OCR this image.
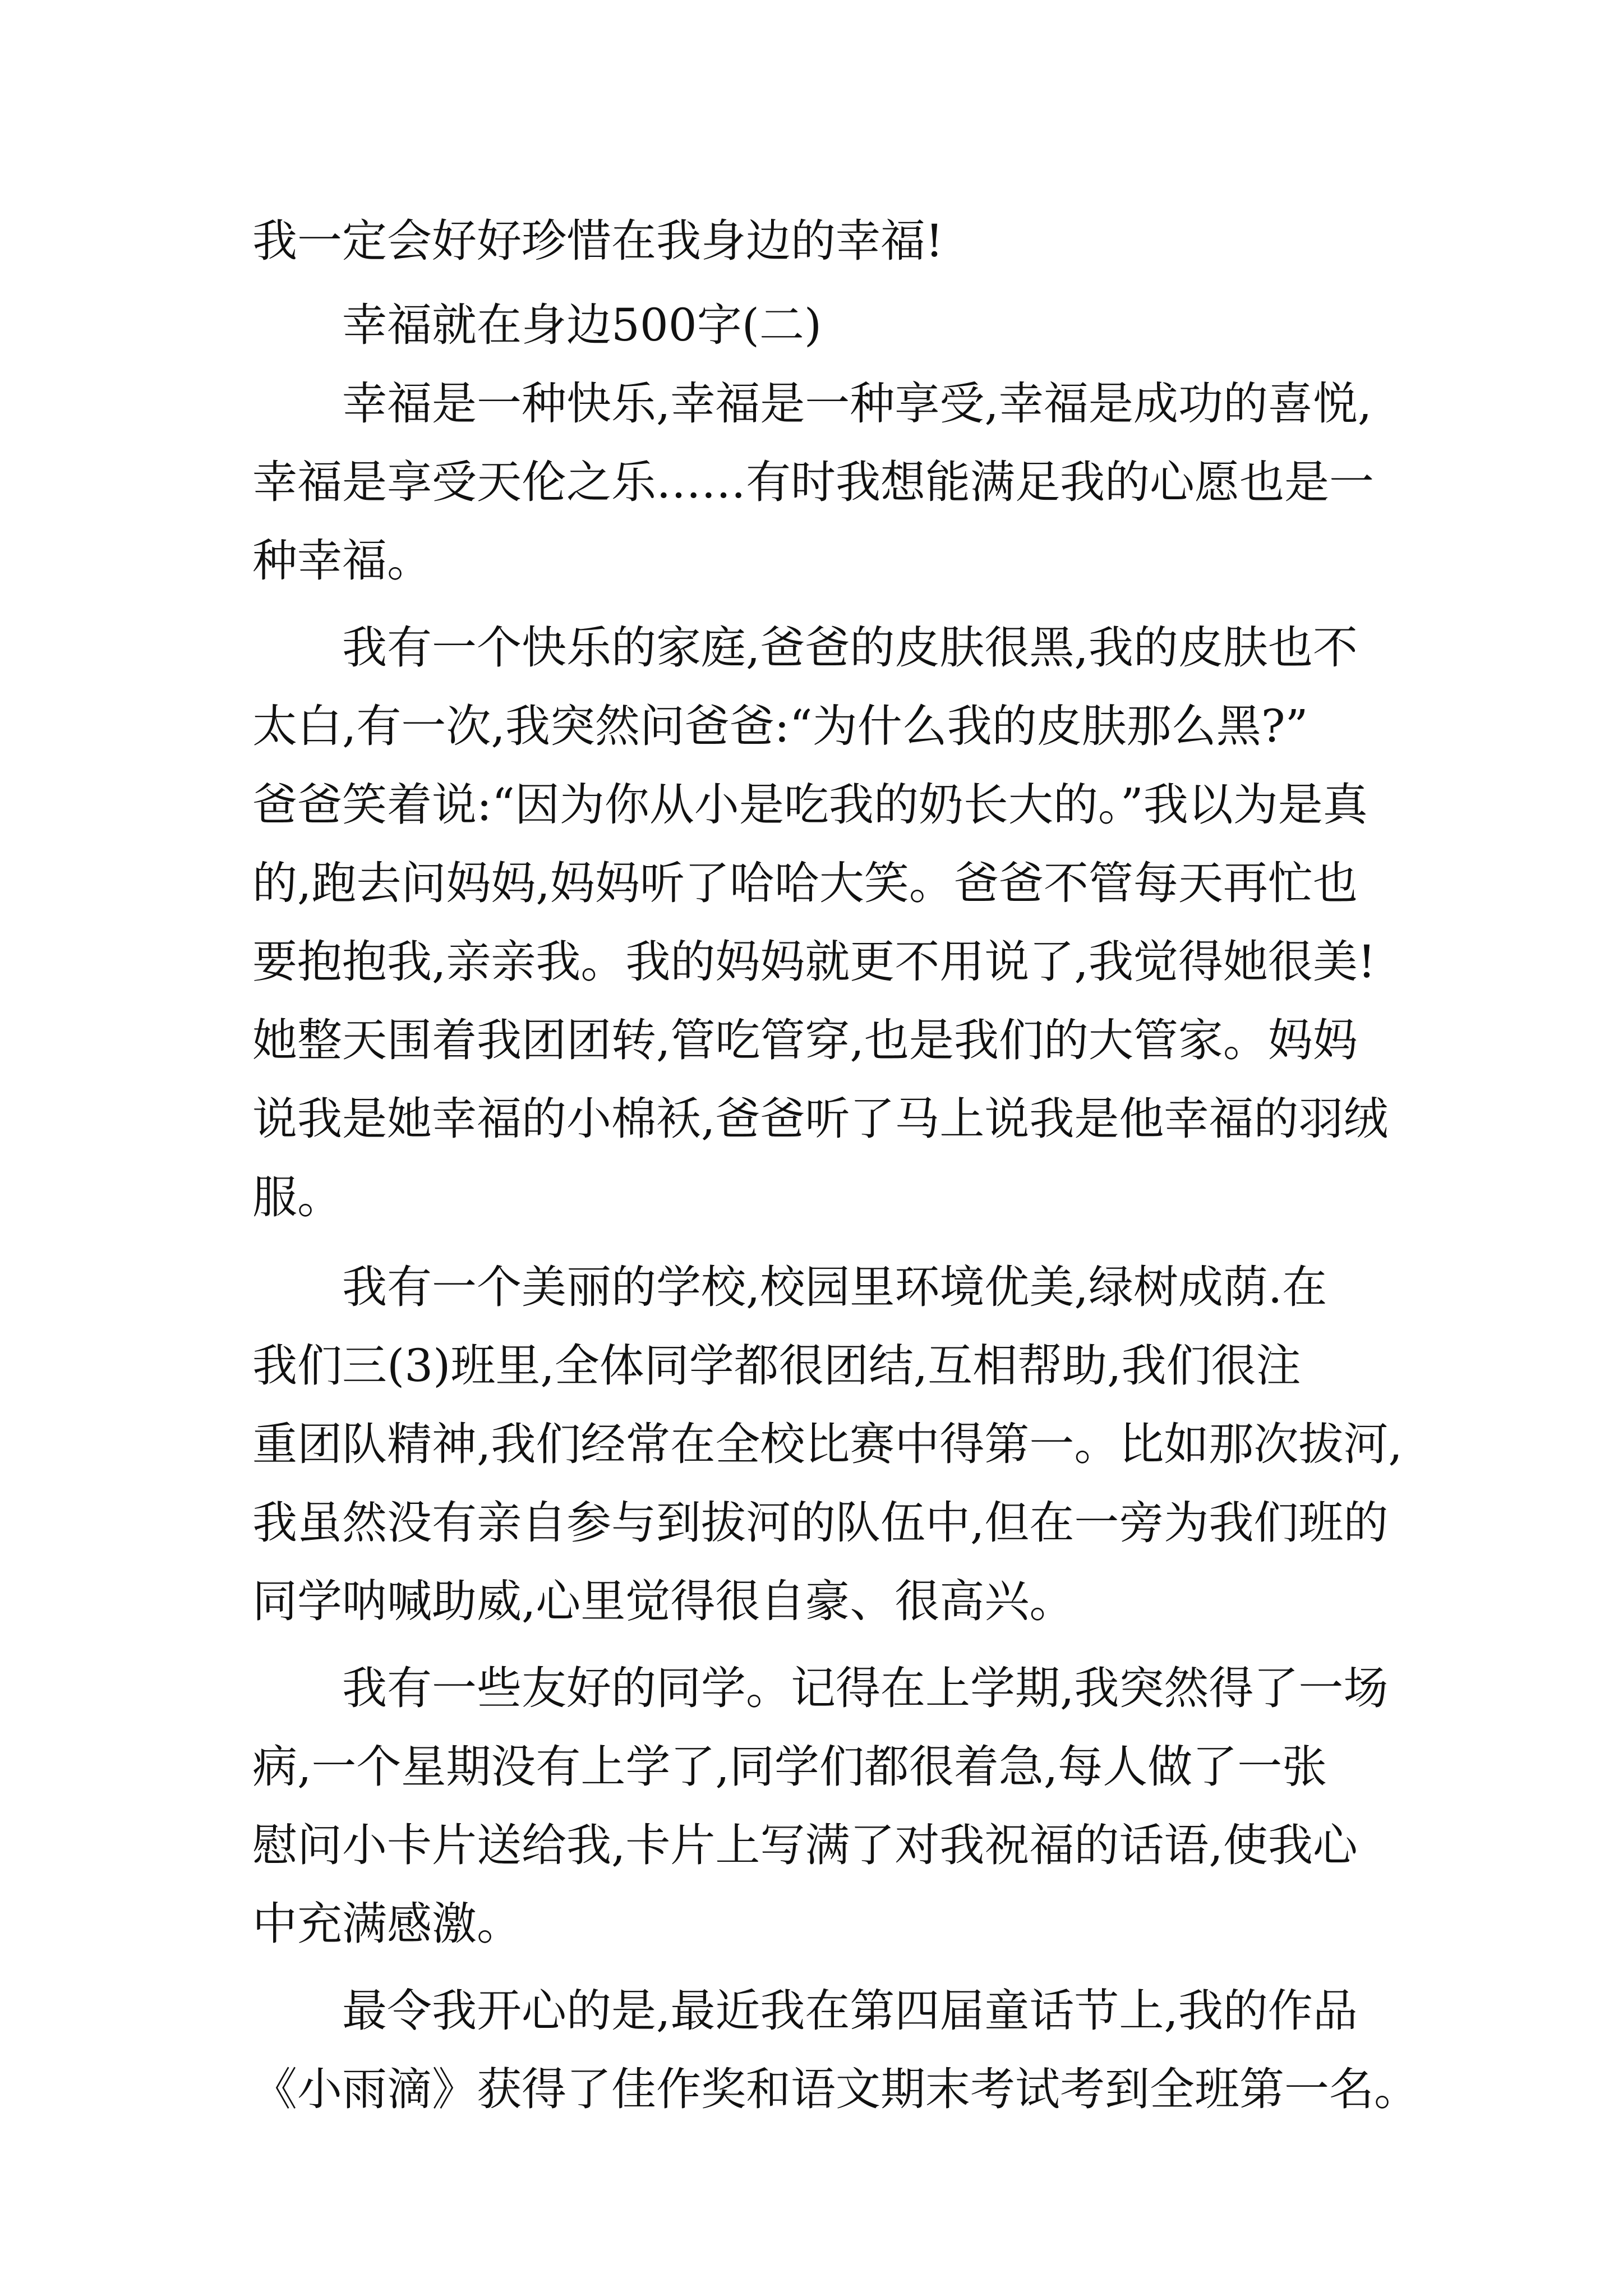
我一定会好好珍惜在我身边的幸福!
幸福就在身边500字(二)
幸福是一种快乐,幸福是一种享受,幸福是成功的喜悦,
幸福是享受天伦之乐……有时我想能满足我的心愿也是一
种幸福。
我有一个快乐的家庭,爸爸的皮肤很黑,我的皮肤也不
太白,有一次,我突然问爸爸:“为什么我的皮肤那么黑?”
爸爸笑着说:“因为你从小是吃我的奶长大的。”我以为是真
的,跑去问妈妈,妈妈听了哈哈大笑。爸爸不管每天再忙也
要抱抱我,亲亲我。我的妈妈就更不用说了,我觉得她很美!
她整天围着我团团转,管吃管穿,也是我们的大管家。妈妈
说我是她幸福的小棉袄,爸爸听了马上说我是他幸福的羽绒
服。
我有一个美丽的学校,校园里环境优美,绿树成荫.在
我们三(3)班里,全体同学都很团结,互相帮助,我们很注
重团队精神,我们经常在全校比赛中得第一。比如那次拔河,
我虽然没有亲自参与到拔河的队伍中,但在一旁为我们班的
同学呐喊助威,心里觉得很自豪、很高兴。
我有一些友好的同学。记得在上学期,我突然得了一场
病,一个星期没有上学了,同学们都很着急,每人做了一张
慰问小卡片送给我,卡片上写满了对我祝福的话语,使我心
中充满感激。
最令我开心的是,最近我在第四届童话节上,我的作品
《小雨滴》获得了佳作奖和语文期末考试考到全班第一名。
